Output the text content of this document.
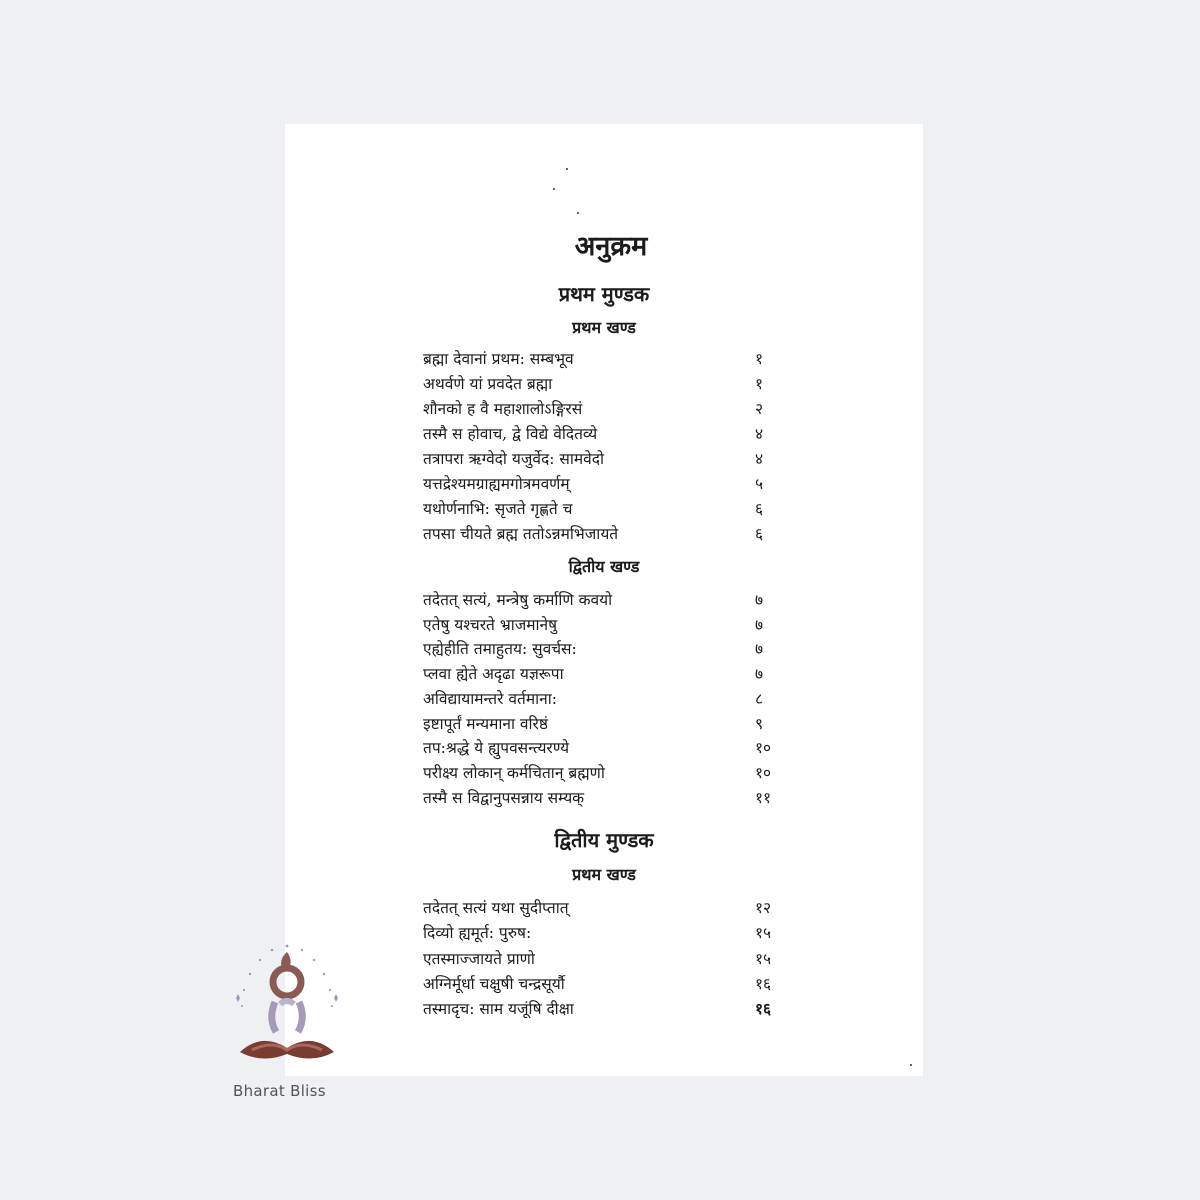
अनुक्रम
प्रथम मुण्डक
प्रथम खण्ड
ब्रह्मा देवानां प्रथम: सम्बभूव	१
अथर्वणे यां प्रवदेत ब्रह्मा	१
शौनको ह वै महाशालोऽङ्गिरसं	२
तस्मै स होवाच, द्वे विद्ये वेदितव्ये	४
तत्रापरा ऋग्वेदो यजुर्वेद: सामवेदो	४
यत्तद्रेश्यमग्राह्यमगोत्रमवर्णम्	५
यथोर्णनाभि: सृजते गृह्णते च	६
तपसा चीयते ब्रह्म ततोऽन्नमभिजायते	६
द्वितीय खण्ड
तदेतत् सत्यं, मन्त्रेषु कर्माणि कवयो	७
एतेषु यश्चरते भ्राजमानेषु	७
एह्येहीति तमाहुतय: सुवर्चस:	७
प्लवा ह्येते अदृढा यज्ञरूपा	७
अविद्यायामन्तरे वर्तमाना:	८
इष्टापूर्तं मन्यमाना वरिष्ठं	९
तप:श्रद्धे ये ह्युपवसन्त्यरण्ये	१०
परीक्ष्य लोकान् कर्मचितान् ब्रह्मणो	१०
तस्मै स विद्वानुपसन्नाय सम्यक्	११
द्वितीय मुण्डक
प्रथम खण्ड
तदेतत् सत्यं यथा सुदीप्तात्	१२
दिव्यो ह्यमूर्त: पुरुष:	१५
एतस्माज्जायते प्राणो	१५
अग्निर्मूर्धा चक्षुषी चन्द्रसूर्यौ	१६
तस्मादृच: साम यजूंषि दीक्षा	१६
Bharat Bliss
